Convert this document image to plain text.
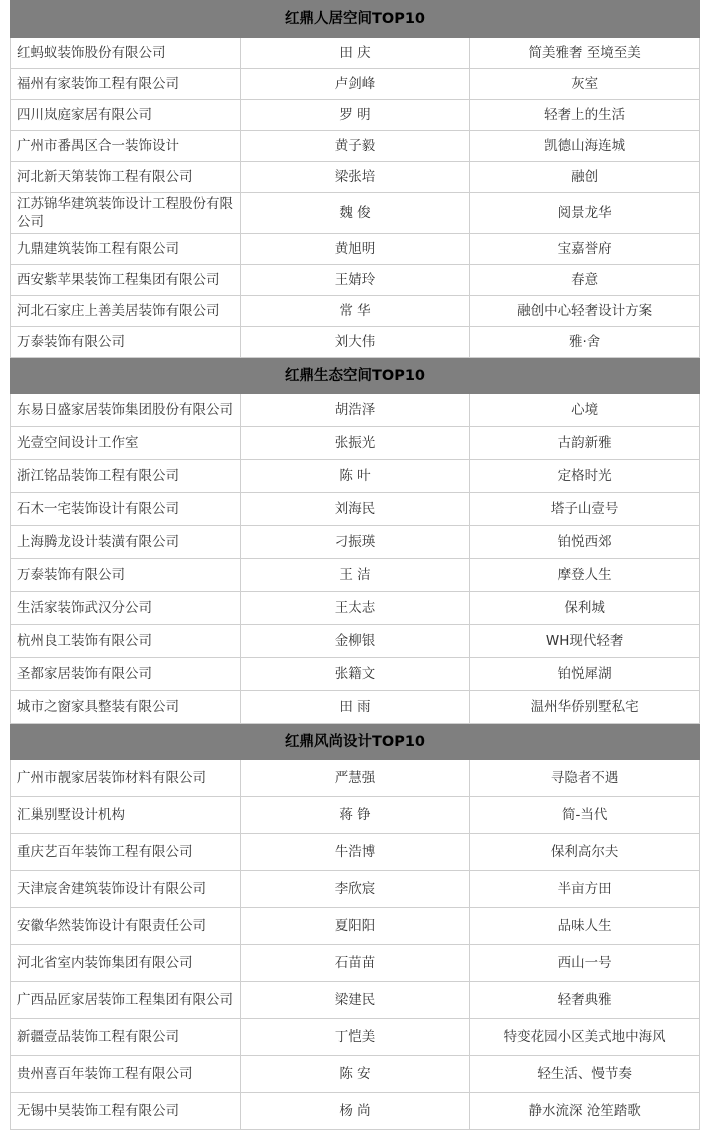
红鼎人居空间TOP10		
红蚂蚁装饰股份有限公司	田 庆	简美雅奢 至境至美
福州有家装饰工程有限公司	卢剑峰	灰室
四川岚庭家居有限公司	罗 明	轻奢上的生活
广州市番禺区合一装饰设计	黄子毅	凯德山海连城
河北新天第装饰工程有限公司	梁张培	融创
江苏锦华建筑装饰设计工程股份有限公司	魏 俊	阅景龙华
九鼎建筑装饰工程有限公司	黄旭明	宝嘉誉府
西安紫苹果装饰工程集团有限公司	王婧玲	春意
河北石家庄上善美居装饰有限公司	常 华	融创中心轻奢设计方案
万泰装饰有限公司	刘大伟	雅·舍
红鼎生态空间TOP10		
东易日盛家居装饰集团股份有限公司	胡浩泽	心境
光壹空间设计工作室	张振光	古韵新雅
浙江铭品装饰工程有限公司	陈 叶	定格时光
石木一宅装饰设计有限公司	刘海民	塔子山壹号
上海腾龙设计装潢有限公司	刁振瑛	铂悦西郊
万泰装饰有限公司	王 洁	摩登人生
生活家装饰武汉分公司	王太志	保利城
杭州良工装饰有限公司	金柳银	WH现代轻奢
圣都家居装饰有限公司	张籍文	铂悦犀湖
城市之窗家具整装有限公司	田 雨	温州华侨别墅私宅
红鼎风尚设计TOP10		
广州市靓家居装饰材料有限公司	严慧强	寻隐者不遇
汇巢别墅设计机构	蒋 铮	简-当代
重庆艺百年装饰工程有限公司	牛浩博	保利高尔夫
天津宸舍建筑装饰设计有限公司	李欣宸	半亩方田
安徽华然装饰设计有限责任公司	夏阳阳	品味人生
河北省室内装饰集团有限公司	石苗苗	西山一号
广西品匠家居装饰工程集团有限公司	梁建民	轻奢典雅
新疆壹品装饰工程有限公司	丁恺美	特变花园小区美式地中海风
贵州喜百年装饰工程有限公司	陈 安	轻生活、慢节奏
无锡中昊装饰工程有限公司	杨 尚	静水流深 沧笙踏歌
